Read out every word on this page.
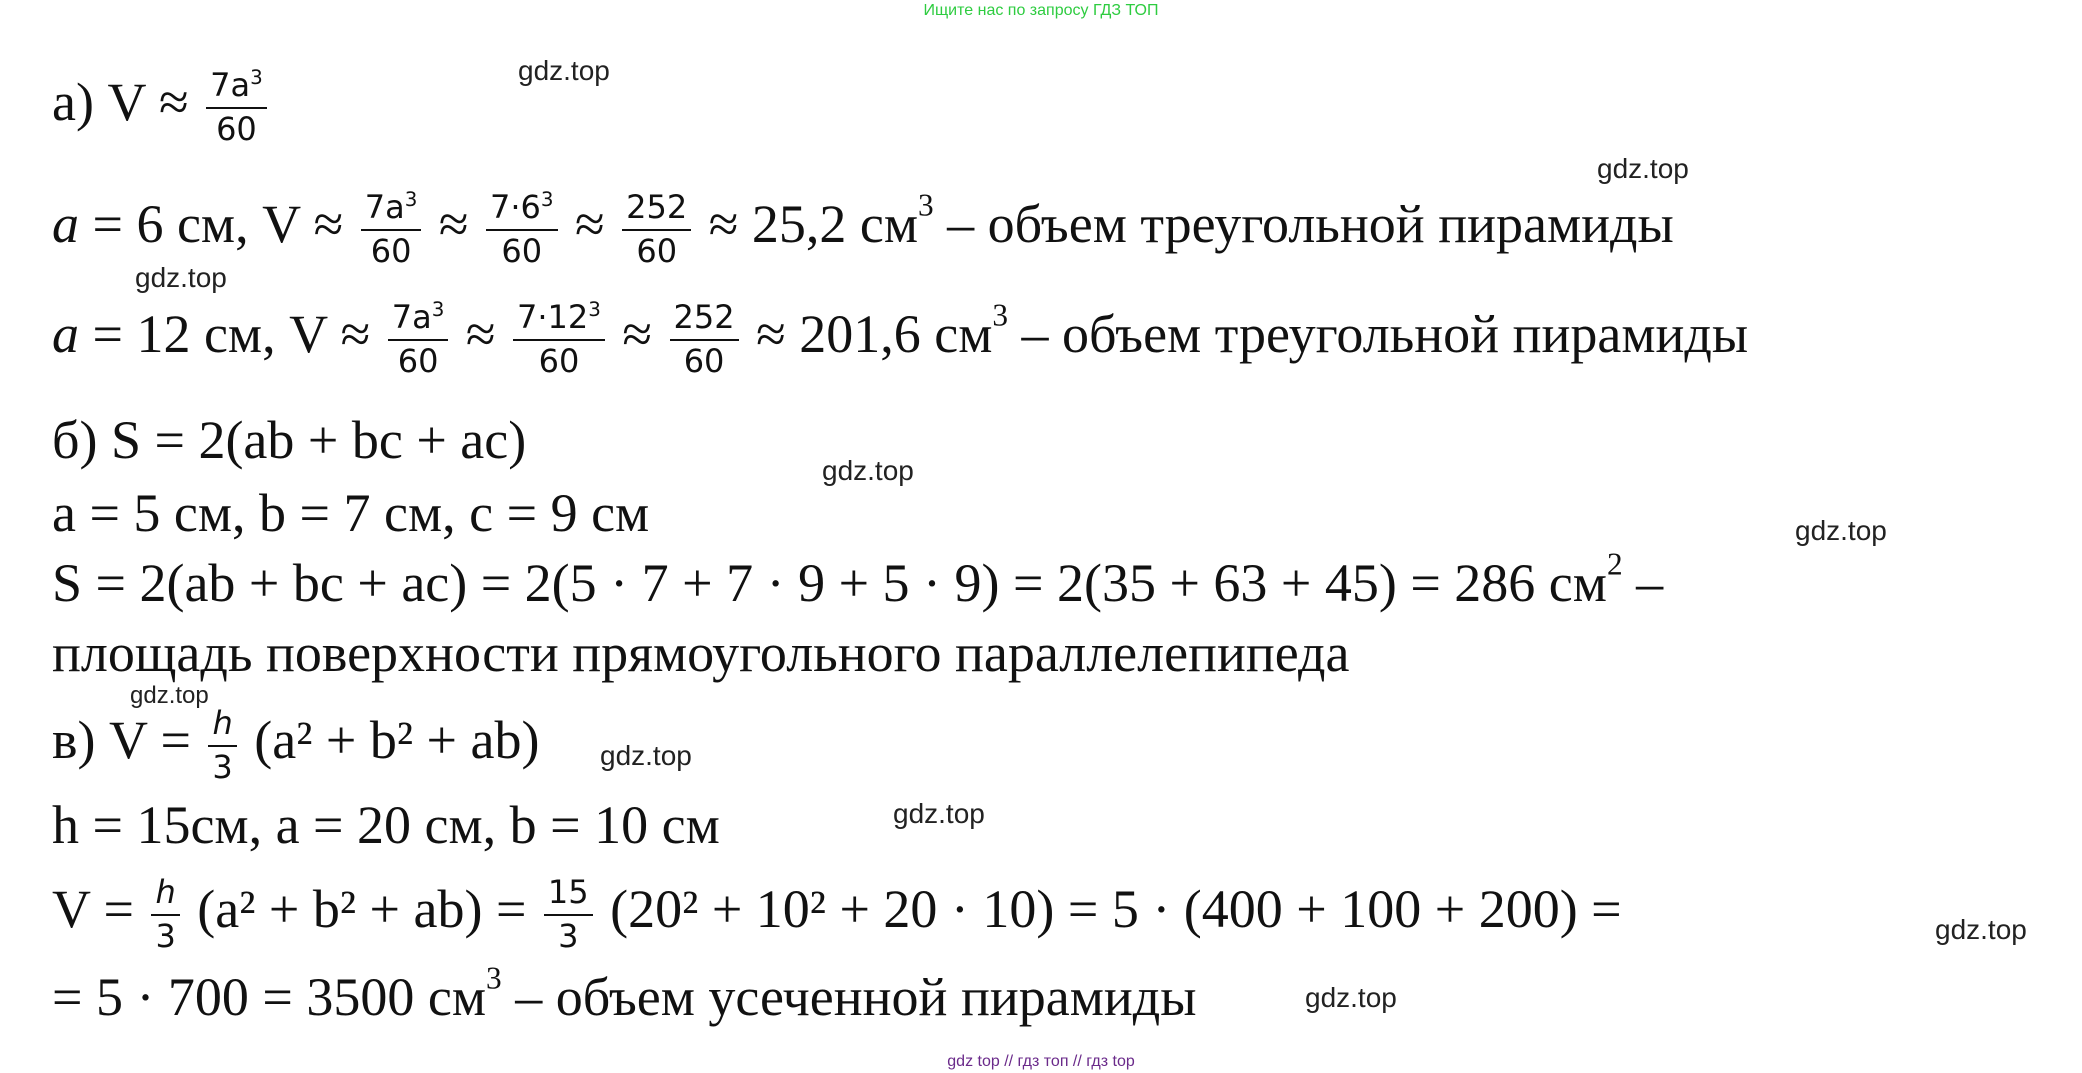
Ищите нас по запросу ГДЗ ТОП
gdz.top
gdz.top
gdz.top
gdz.top
gdz.top
gdz.top
gdz.top
gdz.top
gdz.top
gdz.top
а) $V \approx \frac{7a^3}{60}$
a = 6 см, $V \approx \frac{7a^3}{60} \approx \frac{7\cdot 6^3}{60} \approx \frac{252}{60} \approx 25,2$ $см^3$ – объем треугольной пирамиды
a = 12 см, $V \approx \frac{7a^3}{60} \approx \frac{7\cdot 12^3}{60} \approx \frac{252}{60} \approx 201,6$ $см^3$ – объем треугольной пирамиды
б) S = 2(ab + bc + ac)
a = 5 см, b = 7 см, c = 9 см
S = 2(ab + bc + ac) = 2(5 · 7 + 7 · 9 + 5 · 9) = 2(35 + 63 + 45) = 286 $см^2$ –
площадь поверхности прямоугольного параллелепипеда
в) $V = \frac{h}{3} (a^2 + b^2 + ab)$
h = 15см, a = 20 см, b = 10 см
$V = \frac{h}{3} (a^2 + b^2 + ab) = \frac{15}{3} (20^2 + 10^2 + 20 \cdot 10) = 5 \cdot (400 + 100 + 200)$ =
= 5 · 700 = 3500 $см^3$ – объем усеченной пирамиды
gdz top // гдз топ // гдз top
